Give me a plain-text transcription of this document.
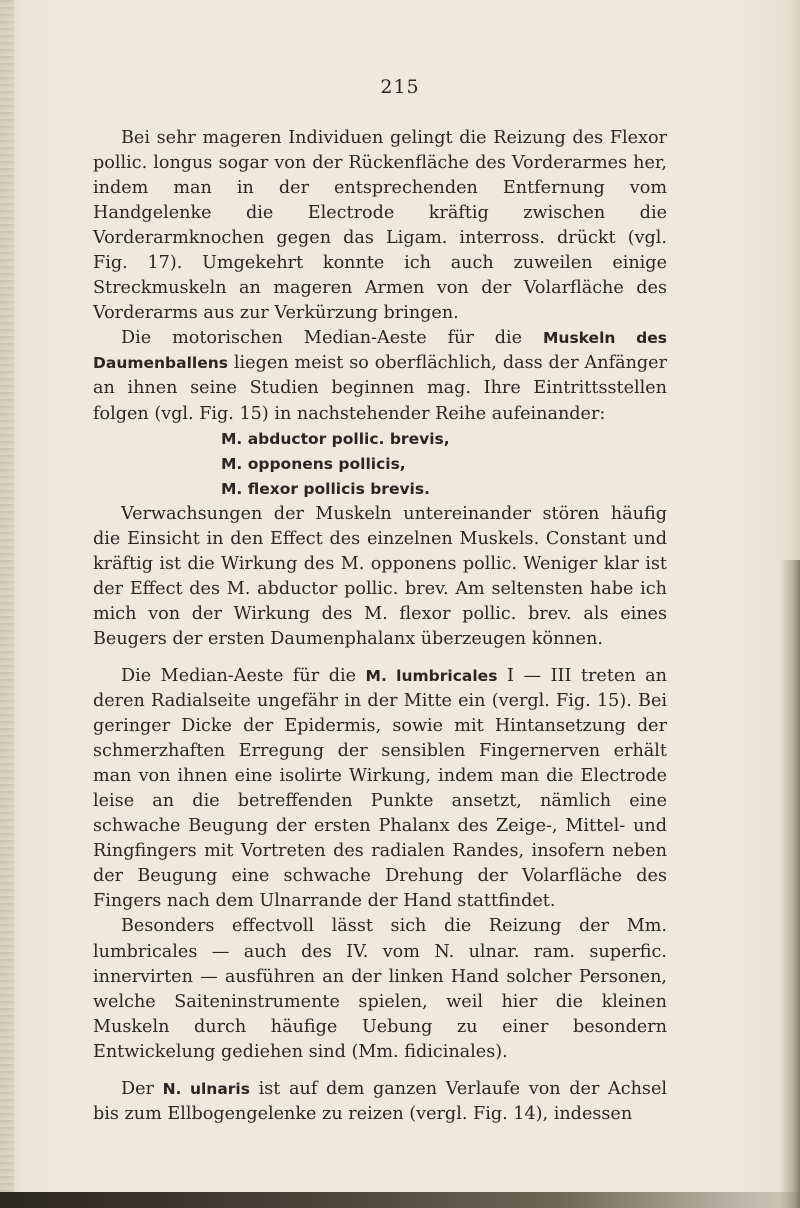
215

Bei sehr mageren Individuen gelingt die Reizung des Flexor pollic. longus sogar von der Rückenfläche des Vorderarmes her, indem man in der entsprechenden Entfernung vom Handgelenke die Electrode kräftig zwischen die Vorderarmknochen gegen das Ligam. interross. drückt (vgl. Fig. 17). Umgekehrt konnte ich auch zuweilen einige Streckmuskeln an mageren Armen von der Volarfläche des Vorderarms aus zur Verkürzung bringen.

Die motorischen Median-Aeste für die Muskeln des Daumenballens liegen meist so oberflächlich, dass der Anfänger an ihnen seine Studien beginnen mag. Ihre Eintrittsstellen folgen (vgl. Fig. 15) in nachstehender Reihe aufeinander:

M. abductor pollic. brevis,
M. opponens pollicis,
M. flexor pollicis brevis.

Verwachsungen der Muskeln untereinander stören häufig die Einsicht in den Effect des einzelnen Muskels. Constant und kräftig ist die Wirkung des M. opponens pollic. Weniger klar ist der Effect des M. abductor pollic. brev. Am seltensten habe ich mich von der Wirkung des M. flexor pollic. brev. als eines Beugers der ersten Daumenphalanx überzeugen können.

Die Median-Aeste für die M. lumbricales I — III treten an deren Radialseite ungefähr in der Mitte ein (vergl. Fig. 15). Bei geringer Dicke der Epidermis, sowie mit Hintansetzung der schmerzhaften Erregung der sensiblen Fingernerven erhält man von ihnen eine isolirte Wirkung, indem man die Electrode leise an die betreffenden Punkte ansetzt, nämlich eine schwache Beugung der ersten Phalanx des Zeige-, Mittel- und Ringfingers mit Vortreten des radialen Randes, insofern neben der Beugung eine schwache Drehung der Volarfläche des Fingers nach dem Ulnarrande der Hand stattfindet.

Besonders effectvoll lässt sich die Reizung der Mm. lumbricales — auch des IV. vom N. ulnar. ram. superfic. innervirten — ausführen an der linken Hand solcher Personen, welche Saiteninstrumente spielen, weil hier die kleinen Muskeln durch häufige Uebung zu einer besondern Entwickelung gediehen sind (Mm. fidicinales).

Der N. ulnaris ist auf dem ganzen Verlaufe von der Achsel bis zum Ellbogengelenke zu reizen (vergl. Fig. 14), indessen
